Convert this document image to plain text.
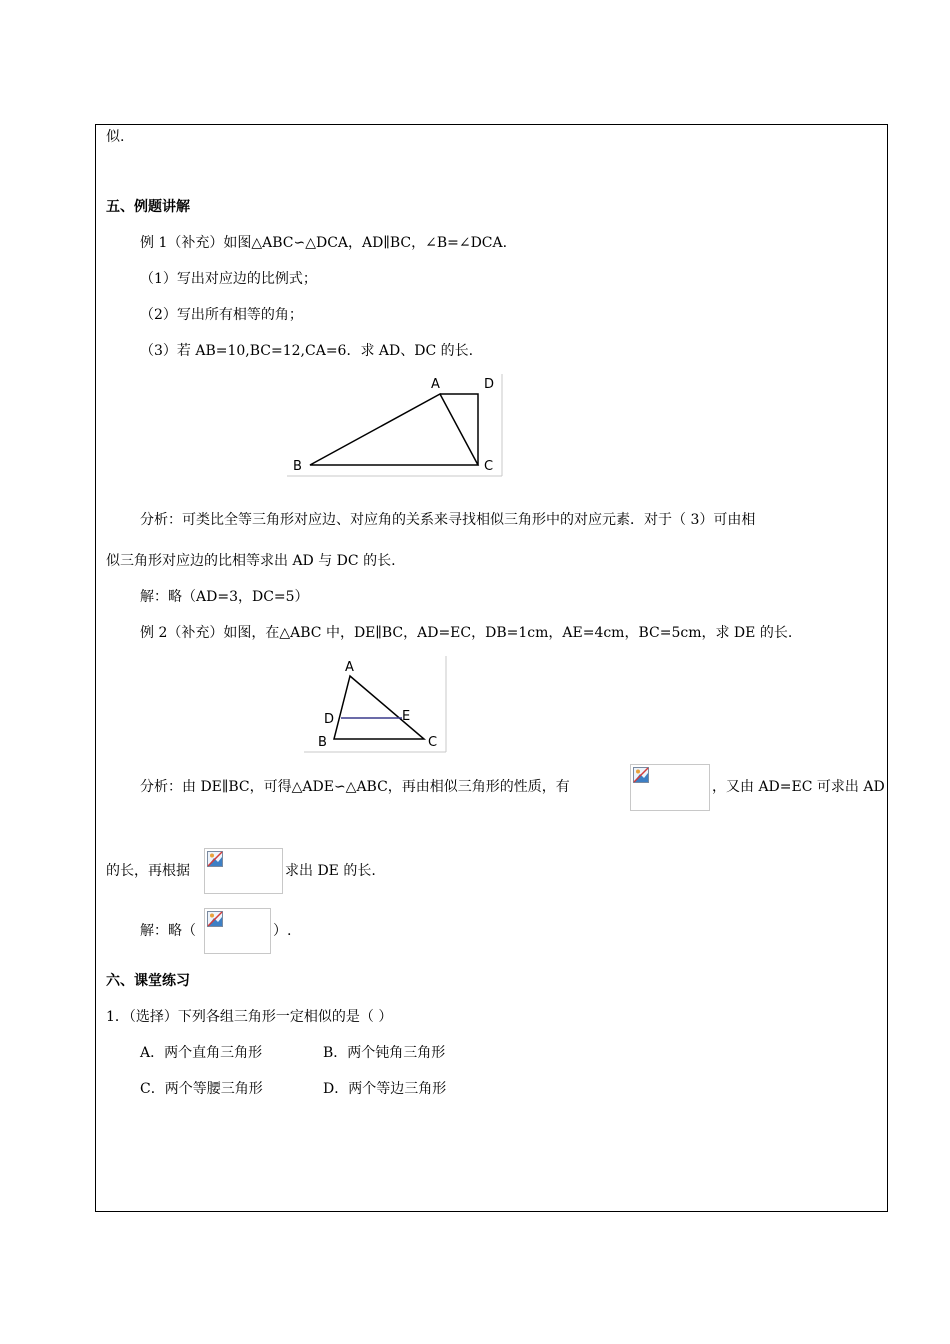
似.
五、例题讲解
例 1（补充）如图△ABC∽△DCA，AD∥BC，∠B=∠DCA.
（1）写出对应边的比例式；
（2）写出所有相等的角；
（3）若 AB=10,BC=12,CA=6．求 AD、DC 的长.
A	D
B	C
分析：可类比全等三角形对应边、对应角的关系来寻找相似三角形中的对应元素．对于（ 3）可由相
似三角形对应边的比相等求出 AD 与 DC 的长.
解：略（AD=3，DC=5）
例 2（补充）如图，在△ABC 中，DE∥BC，AD=EC，DB=1cm，AE=4cm，BC=5cm，求 DE 的长.
A
D	E
B	C
分析：由 DE∥BC，可得△ADE∽△ABC，再由相似三角形的性质，有	，又由 AD=EC 可求出 AD
的长，再根据	求出 DE 的长.
解：略（	）.
六、课堂练习
1．（选择）下列各组三角形一定相似的是（ ）
A．两个直角三角形	B．两个钝角三角形
C．两个等腰三角形	D．两个等边三角形
